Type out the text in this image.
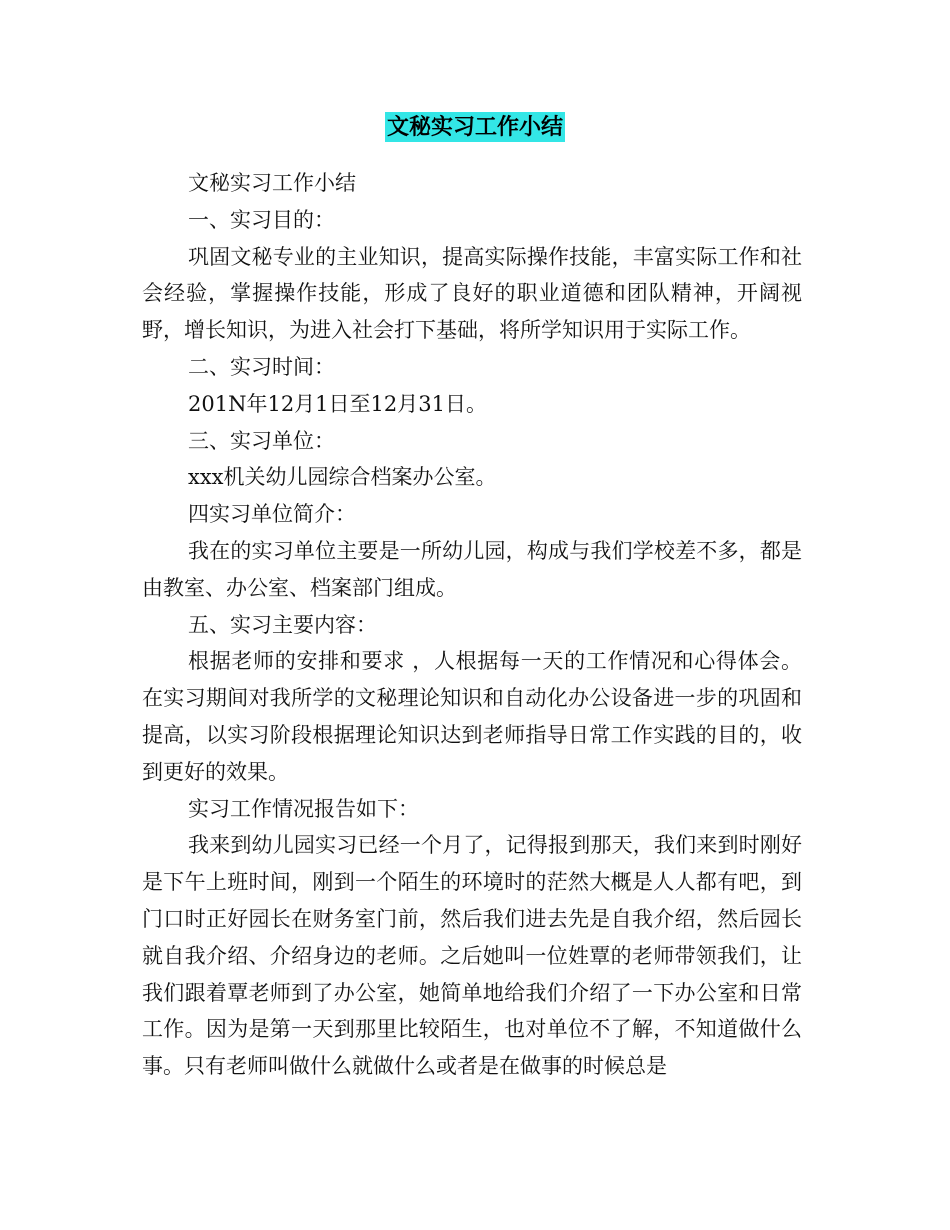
文秘实习工作小结

文秘实习工作小结

一、实习目的：

巩固文秘专业的主业知识，提高实际操作技能，丰富实际工作和社会经验，掌握操作技能，形成了良好的职业道德和团队精神，开阔视野，增长知识，为进入社会打下基础，将所学知识用于实际工作。

二、实习时间：

201N年12月1日至12月31日。

三、实习单位：

xxx机关幼儿园综合档案办公室。

四实习单位简介：

我在的实习单位主要是一所幼儿园，构成与我们学校差不多，都是由教室、办公室、档案部门组成。

五、实习主要内容：

根据老师的安排和要求 ，人根据每一天的工作情况和心得体会。在实习期间对我所学的文秘理论知识和自动化办公设备进一步的巩固和提高，以实习阶段根据理论知识达到老师指导日常工作实践的目的，收到更好的效果。

实习工作情况报告如下：

我来到幼儿园实习已经一个月了，记得报到那天，我们来到时刚好是下午上班时间，刚到一个陌生的环境时的茫然大概是人人都有吧，到门口时正好园长在财务室门前，然后我们进去先是自我介绍，然后园长就自我介绍、介绍身边的老师。之后她叫一位姓覃的老师带领我们，让我们跟着覃老师到了办公室，她简单地给我们介绍了一下办公室和日常工作。因为是第一天到那里比较陌生，也对单位不了解，不知道做什么事。只有老师叫做什么就做什么或者是在做事的时候总是
